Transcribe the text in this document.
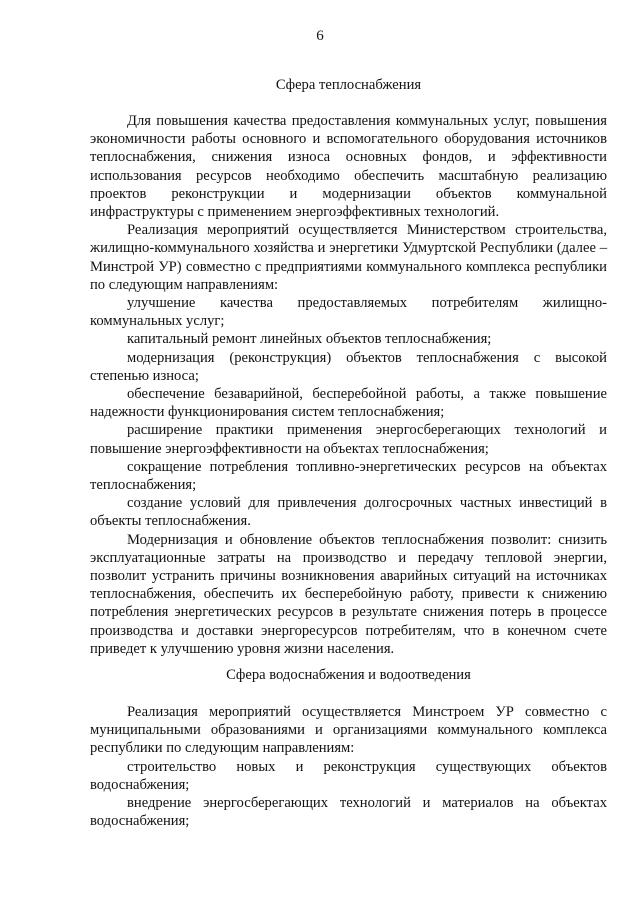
6
Сфера теплоснабжения

Для повышения качества предоставления коммунальных услуг, повышения экономичности работы основного и вспомогательного оборудования источников теплоснабжения, снижения износа основных фондов, и эффективности использования ресурсов необходимо обеспечить масштабную реализацию проектов реконструкции и модернизации объектов коммунальной инфраструктуры с применением энергоэффективных технологий.

Реализация мероприятий осуществляется Министерством строительства, жилищно-коммунального хозяйства и энергетики Удмуртской Республики (далее – Минстрой УР) совместно с предприятиями коммунального комплекса республики по следующим направлениям:

улучшение качества предоставляемых потребителям жилищно-коммунальных услуг;

капитальный ремонт линейных объектов теплоснабжения;

модернизация (реконструкция) объектов теплоснабжения с высокой степенью износа;

обеспечение безаварийной, бесперебойной работы, а также повышение надежности функционирования систем теплоснабжения;

расширение практики применения энергосберегающих технологий и повышение энергоэффективности на объектах теплоснабжения;

сокращение потребления топливно-энергетических ресурсов на объектах теплоснабжения;

создание условий для привлечения долгосрочных частных инвестиций в объекты теплоснабжения.

Модернизация и обновление объектов теплоснабжения позволит: снизить эксплуатационные затраты на производство и передачу тепловой энергии, позволит устранить причины возникновения аварийных ситуаций на источниках теплоснабжения, обеспечить их бесперебойную работу, привести к снижению потребления энергетических ресурсов в результате снижения потерь в процессе производства и доставки энергоресурсов потребителям, что в конечном счете приведет к улучшению уровня жизни населения.

Сфера водоснабжения и водоотведения

Реализация мероприятий осуществляется Минстроем УР совместно с муниципальными образованиями и организациями коммунального комплекса республики по следующим направлениям:

строительство новых и реконструкция существующих объектов водоснабжения;

внедрение энергосберегающих технологий и материалов на объектах водоснабжения;
